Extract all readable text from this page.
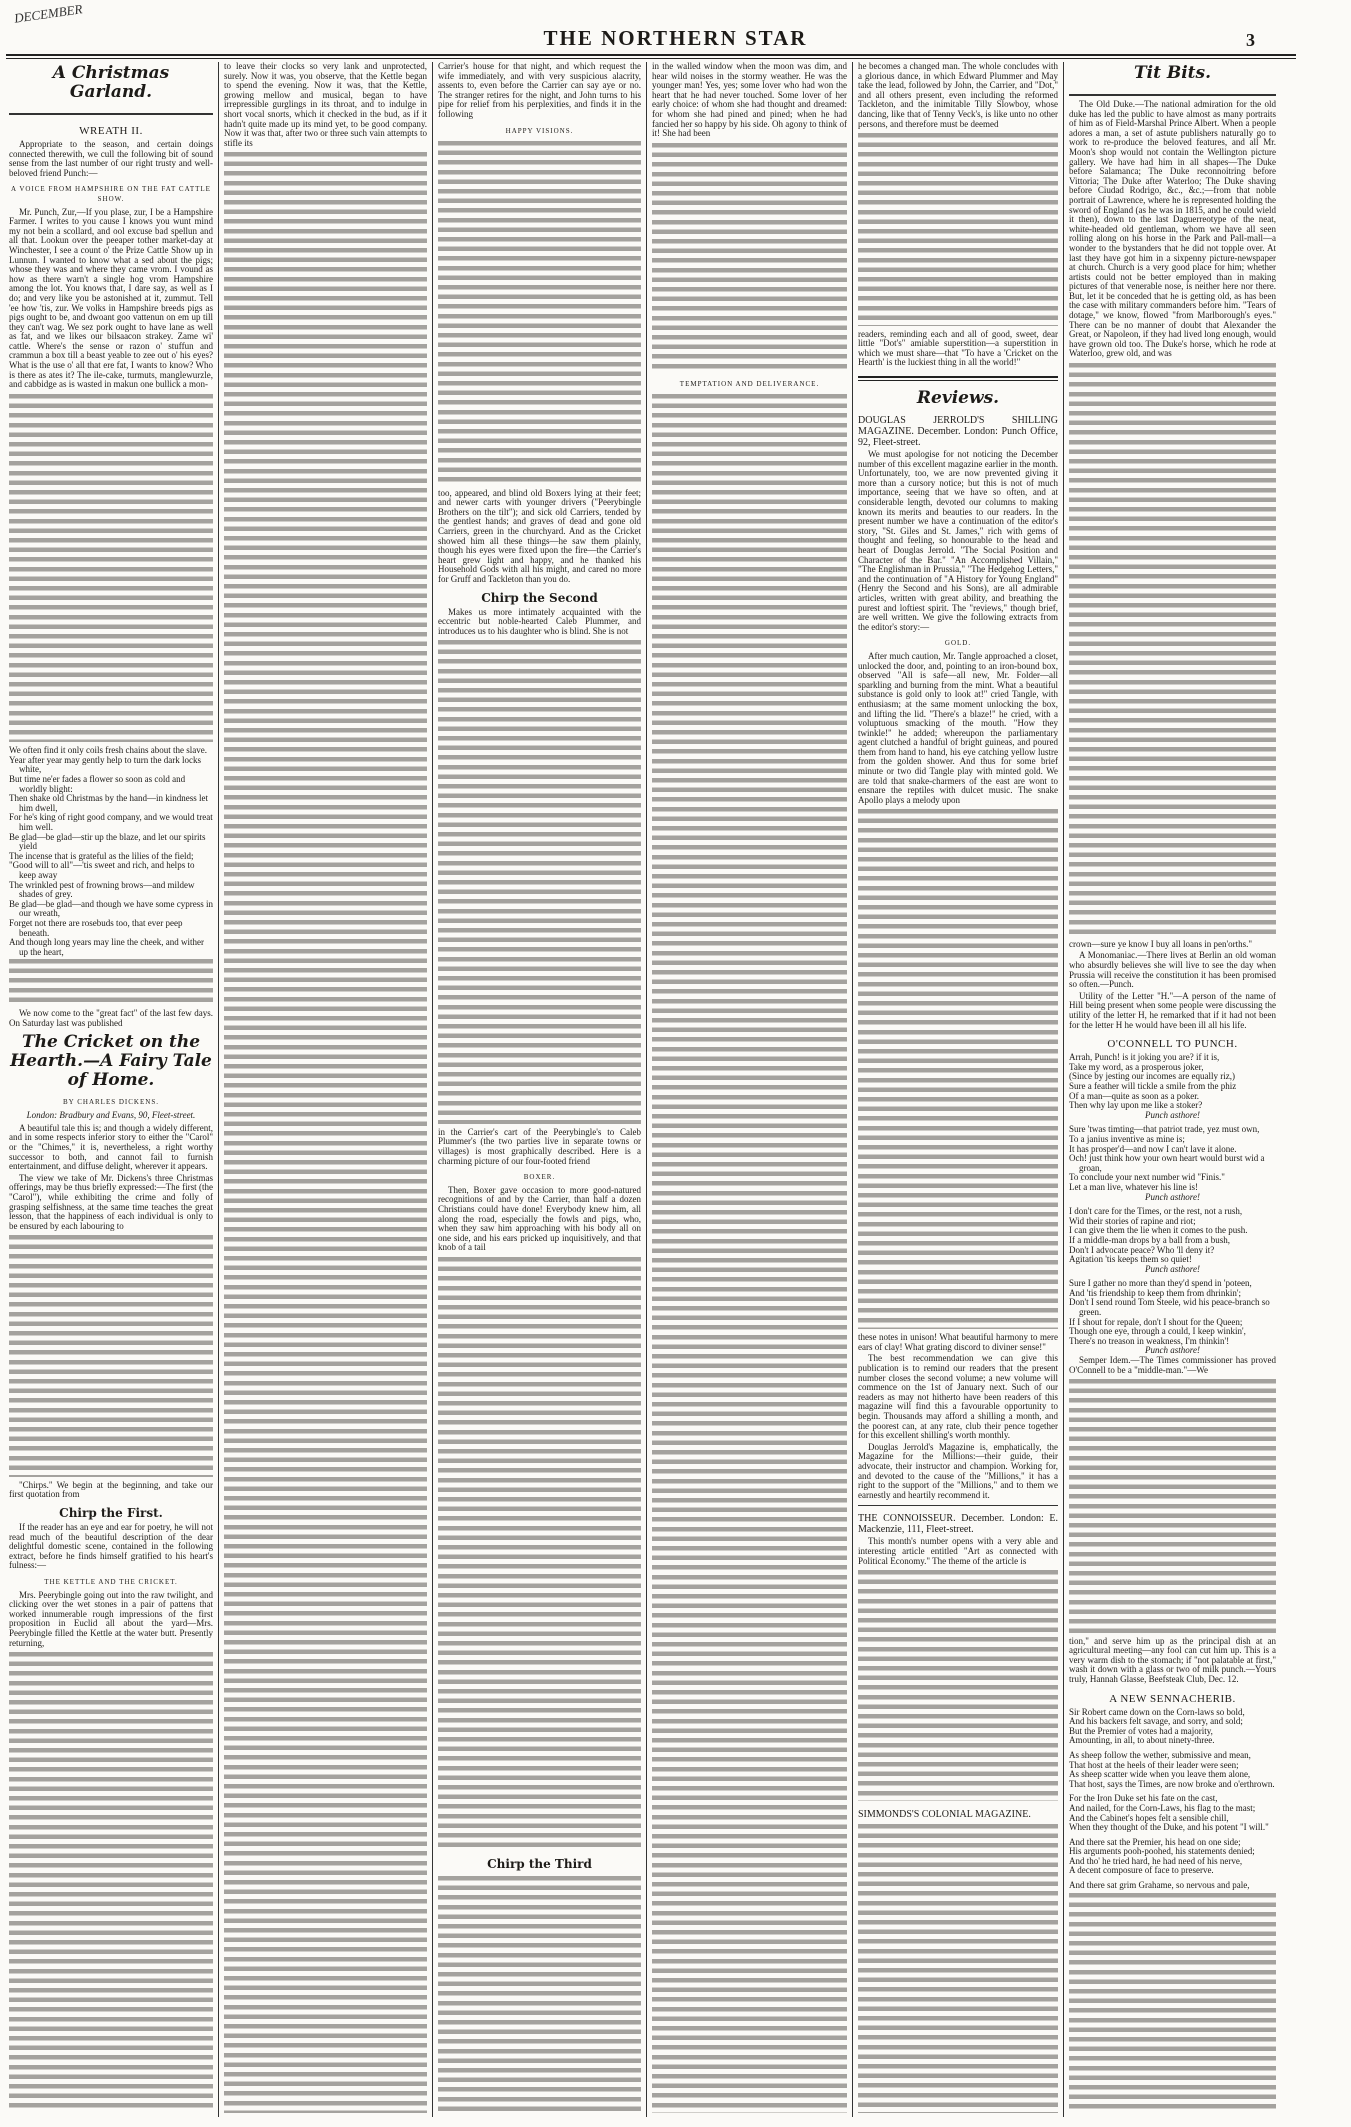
DECEMBER
THE NORTHERN STAR	3
A Christmas Garland.
WREATH II.

Appropriate to the season, and certain doings connected therewith, we cull the following bit of sound sense from the last number of our right trusty and well-beloved friend Punch:—

A VOICE FROM HAMPSHIRE ON THE FAT CATTLE SHOW.

Mr. Punch, Zur,—If you plase, zur, I be a Hampshire Farmer. I writes to you cause I knows you wunt mind my not bein a scollard, and ool excuse bad spellun and all that. Lookun over the peeaper tother market-day at Winchester, I see a count o' the Prize Cattle Show up in Lunnun. I wanted to know what a sed about the pigs; whose they was and where they came vrom. I vound as how as there warn't a single hog vrom Hampshire among the lot. You knows that, I dare say, as well as I do; and very like you be astonished at it, zummut. Tell 'ee how 'tis, zur. We volks in Hampshire breeds pigs as pigs ought to be, and dwoant goo vattenun on em up till they can't wag. We sez pork ought to have lane as well as fat, and we likes our bilsaacon strakey. Zame wi' cattle. Where's the sense or razon o' stuffun and crammun a box till a beast yeable to zee out o' his eyes? What is the use o' all that ere fat, I wants to know? Who is there as ates it? The ile-cake, turmuts, manglewurzle, and cabbidge as is wasted in makun one bullick a mon-

We often find it only coils fresh chains about the slave.
Year after year may gently help to turn the dark locks white,
But time ne'er fades a flower so soon as cold and worldly blight:
Then shake old Christmas by the hand—in kindness let him dwell,
For he's king of right good company, and we would treat him well.
Be glad—be glad—stir up the blaze, and let our spirits yield
The incense that is grateful as the lilies of the field;
"Good will to all"—'tis sweet and rich, and helps to keep away
The wrinkled pest of frowning brows—and mildew shades of grey.
Be glad—be glad—and though we have some cypress in our wreath,
Forget not there are rosebuds too, that ever peep beneath.
And though long years may line the cheek, and wither up the heart,

We now come to the "great fact" of the last few days. On Saturday last was published

The Cricket on the Hearth.—A Fairy Tale of Home.
BY CHARLES DICKENS.
London: Bradbury and Evans, 90, Fleet-street.

A beautiful tale this is; and though a widely different, and in some respects inferior story to either the "Carol" or the "Chimes," it is, nevertheless, a right worthy successor to both, and cannot fail to furnish entertainment, and diffuse delight, wherever it appears.

The view we take of Mr. Dickens's three Christmas offerings, may be thus briefly expressed:—The first (the "Carol"), while exhibiting the crime and folly of grasping selfishness, at the same time teaches the great lesson, that the happiness of each individual is only to be ensured by each labouring to

"Chirps." We begin at the beginning, and take our first quotation from

Chirp the First.

If the reader has an eye and ear for poetry, he will not read much of the beautiful description of the dear delightful domestic scene, contained in the following extract, before he finds himself gratified to his heart's fulness:—

THE KETTLE AND THE CRICKET.

Mrs. Peerybingle going out into the raw twilight, and clicking over the wet stones in a pair of pattens that worked innumerable rough impressions of the first proposition in Euclid all about the yard—Mrs. Peerybingle filled the Kettle at the water butt. Presently returning,

to leave their clocks so very lank and unprotected, surely. Now it was, you observe, that the Kettle began to spend the evening. Now it was, that the Kettle, growing mellow and musical, began to have irrepressible gurglings in its throat, and to indulge in short vocal snorts, which it checked in the bud, as if it hadn't quite made up its mind yet, to be good company. Now it was that, after two or three such vain attempts to stifle its

Carrier's house for that night, and which request the wife immediately, and with very suspicious alacrity, assents to, even before the Carrier can say aye or no. The stranger retires for the night, and John turns to his pipe for relief from his perplexities, and finds it in the following

HAPPY VISIONS.

too, appeared, and blind old Boxers lying at their feet; and newer carts with younger drivers ("Peerybingle Brothers on the tilt"); and sick old Carriers, tended by the gentlest hands; and graves of dead and gone old Carriers, green in the churchyard. And as the Cricket showed him all these things—he saw them plainly, though his eyes were fixed upon the fire—the Carrier's heart grew light and happy, and he thanked his Household Gods with all his might, and cared no more for Gruff and Tackleton than you do.

Chirp the Second

Makes us more intimately acquainted with the eccentric but noble-hearted Caleb Plummer, and introduces us to his daughter who is blind. She is not

in the Carrier's cart of the Peerybingle's to Caleb Plummer's (the two parties live in separate towns or villages) is most graphically described. Here is a charming picture of our four-footed friend

BOXER.

Then, Boxer gave occasion to more good-natured recognitions of and by the Carrier, than half a dozen Christians could have done! Everybody knew him, all along the road, especially the fowls and pigs, who, when they saw him approaching with his body all on one side, and his ears pricked up inquisitively, and that knob of a tail

Chirp the Third

in the walled window when the moon was dim, and hear wild noises in the stormy weather. He was the younger man! Yes, yes; some lover who had won the heart that he had never touched. Some lover of her early choice: of whom she had thought and dreamed: for whom she had pined and pined; when he had fancied her so happy by his side. Oh agony to think of it! She had been

TEMPTATION AND DELIVERANCE.

he becomes a changed man. The whole concludes with a glorious dance, in which Edward Plummer and May take the lead, followed by John, the Carrier, and "Dot," and all others present, even including the reformed Tackleton, and the inimitable Tilly Slowboy, whose dancing, like that of Tenny Veck's, is like unto no other persons, and therefore must be deemed

readers, reminding each and all of good, sweet, dear little "Dot's" amiable superstition—a superstition in which we must share—that "To have a 'Cricket on the Hearth' is the luckiest thing in all the world!"

Reviews.

DOUGLAS JERROLD'S SHILLING MAGAZINE. December. London: Punch Office, 92, Fleet-street.

We must apologise for not noticing the December number of this excellent magazine earlier in the month. Unfortunately, too, we are now prevented giving it more than a cursory notice; but this is not of much importance, seeing that we have so often, and at considerable length, devoted our columns to making known its merits and beauties to our readers. In the present number we have a continuation of the editor's story, "St. Giles and St. James," rich with gems of thought and feeling, so honourable to the head and heart of Douglas Jerrold. "The Social Position and Character of the Bar." "An Accomplished Villain," "The Englishman in Prussia," "The Hedgehog Letters," and the continuation of "A History for Young England" (Henry the Second and his Sons), are all admirable articles, written with great ability, and breathing the purest and loftiest spirit. The "reviews," though brief, are well written. We give the following extracts from the editor's story:—

GOLD.

After much caution, Mr. Tangle approached a closet, unlocked the door, and, pointing to an iron-bound box, observed "All is safe—all new, Mr. Folder—all sparkling and burning from the mint. What a beautiful substance is gold only to look at!" cried Tangle, with enthusiasm; at the same moment unlocking the box, and lifting the lid. "There's a blaze!" he cried, with a voluptuous smacking of the mouth. "How they twinkle!" he added; whereupon the parliamentary agent clutched a handful of bright guineas, and poured them from hand to hand, his eye catching yellow lustre from the golden shower. And thus for some brief minute or two did Tangle play with minted gold. We are told that snake-charmers of the east are wont to ensnare the reptiles with dulcet music. The snake Apollo plays a melody upon

these notes in unison! What beautiful harmony to mere ears of clay! What grating discord to diviner sense!"

The best recommendation we can give this publication is to remind our readers that the present number closes the second volume; a new volume will commence on the 1st of January next. Such of our readers as may not hitherto have been readers of this magazine will find this a favourable opportunity to begin. Thousands may afford a shilling a month, and the poorest can, at any rate, club their pence together for this excellent shilling's worth monthly.

Douglas Jerrold's Magazine is, emphatically, the Magazine for the Millions:—their guide, their advocate, their instructor and champion. Working for, and devoted to the cause of the "Millions," it has a right to the support of the "Millions," and to them we earnestly and heartily recommend it.

THE CONNOISSEUR. December. London: E. Mackenzie, 111, Fleet-street.

This month's number opens with a very able and interesting article entitled "Art as connected with Political Economy." The theme of the article is

SIMMONDS'S COLONIAL MAGAZINE.

Tit Bits.

The Old Duke.—The national admiration for the old duke has led the public to have almost as many portraits of him as of Field-Marshal Prince Albert. When a people adores a man, a set of astute publishers naturally go to work to re-produce the beloved features, and all Mr. Moon's shop would not contain the Wellington picture gallery. We have had him in all shapes—The Duke before Salamanca; The Duke reconnoitring before Vittoria; The Duke after Waterloo; The Duke shaving before Ciudad Rodrigo, &c., &c.;—from that noble portrait of Lawrence, where he is represented holding the sword of England (as he was in 1815, and he could wield it then), down to the last Daguerreotype of the neat, white-headed old gentleman, whom we have all seen rolling along on his horse in the Park and Pall-mall—a wonder to the bystanders that he did not topple over. At last they have got him in a sixpenny picture-newspaper at church. Church is a very good place for him; whether artists could not be better employed than in making pictures of that venerable nose, is neither here nor there. But, let it be conceded that he is getting old, as has been the case with military commanders before him. "Tears of dotage," we know, flowed "from Marlborough's eyes." There can be no manner of doubt that Alexander the Great, or Napoleon, if they had lived long enough, would have grown old too. The Duke's horse, which he rode at Waterloo, grew old, and was

crown—sure ye know I buy all loans in pen'orths."

A Monomaniac.—There lives at Berlin an old woman who absurdly believes she will live to see the day when Prussia will receive the constitution it has been promised so often.—Punch.

Utility of the Letter "H."—A person of the name of Hill being present when some people were discussing the utility of the letter H, he remarked that if it had not been for the letter H he would have been ill all his life.

O'CONNELL TO PUNCH.
Arrah, Punch! is it joking you are? if it is,
Take my word, as a prosperous joker,
(Since by jesting our incomes are equally riz,)
Sure a feather will tickle a smile from the phiz
Of a man—quite as soon as a poker.
Then why lay upon me like a stoker?
Punch asthore!
Sure 'twas timting—that patriot trade, yez must own,
To a janius inventive as mine is;
It has prosper'd—and now I can't lave it alone.
Och! just think how your own heart would burst wid a groan,
To conclude your next number wid "Finis."
Let a man live, whatever his line is!
Punch asthore!
I don't care for the Times, or the rest, not a rush,
Wid their stories of rapine and riot;
I can give them the lie when it comes to the push.
If a middle-man drops by a ball from a bush,
Don't I advocate peace? Who 'll deny it?
Agitation 'tis keeps them so quiet!
Punch asthore!
Sure I gather no more than they'd spend in 'poteen,
And 'tis friendship to keep them from dhrinkin';
Don't I send round Tom Steele, wid his peace-branch so green.
If I shout for repale, don't I shout for the Queen;
Though one eye, through a could, I keep winkin',
There's no treason in weakness, I'm thinkin'!
Punch asthore!

Semper Idem.—The Times commissioner has proved O'Connell to be a "middle-man."—We

tion," and serve him up as the principal dish at an agricultural meeting—any fool can cut him up. This is a very warm dish to the stomach; if "not palatable at first," wash it down with a glass or two of milk punch.—Yours truly, Hannah Glasse, Beefsteak Club, Dec. 12.

A NEW SENNACHERIB.
Sir Robert came down on the Corn-laws so bold,
And his backers felt savage, and sorry, and sold;
But the Premier of votes had a majority,
Amounting, in all, to about ninety-three.
As sheep follow the wether, submissive and mean,
That host at the heels of their leader were seen;
As sheep scatter wide when you leave them alone,
That host, says the Times, are now broke and o'erthrown.
For the Iron Duke set his fate on the cast,
And nailed, for the Corn-Laws, his flag to the mast;
And the Cabinet's hopes felt a sensible chill,
When they thought of the Duke, and his potent "I will."
And there sat the Premier, his head on one side;
His arguments pooh-poohed, his statements denied;
And tho' he tried hard, he had need of his nerve,
A decent composure of face to preserve.
And there sat grim Grahame, so nervous and pale,
